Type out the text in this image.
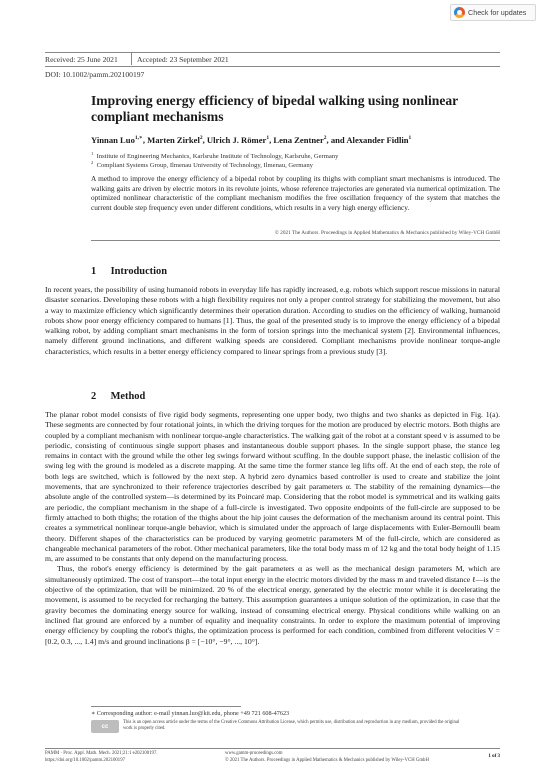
Check for updates
Received: 25 June 2021	Accepted: 23 September 2021
DOI: 10.1002/pamm.202100197
Improving energy efficiency of bipedal walking using nonlinear compliant mechanisms
Yinnan Luo$^{1,∗}$, Marten Zirkel$^2$, Ulrich J. Römer$^1$, Lena Zentner$^2$, and Alexander Fidlin$^1$
$^1$ Institute of Engineering Mechanics, Karlsruhe Institute of Technology, Karlsruhe, Germany
$^2$ Compliant Systems Group, Ilmenau University of Technology, Ilmenau, Germany
A method to improve the energy efficiency of a bipedal robot by coupling its thighs with compliant smart mechanisms is introduced. The walking gaits are driven by electric motors in its revolute joints, whose reference trajectories are generated via numerical optimization. The optimized nonlinear characteristic of the compliant mechanism modifies the free oscillation frequency of the system that matches the current double step frequency even under different conditions, which results in a very high energy efficiency.
© 2021 The Authors. Proceedings in Applied Mathematics & Mechanics published by Wiley-VCH GmbH
1 Introduction

In recent years, the possibility of using humanoid robots in everyday life has rapidly increased, e.g. robots which support rescue missions in natural disaster scenarios. Developing these robots with a high flexibility requires not only a proper control strategy for stabilizing the movement, but also a way to maximize efficiency which significantly determines their operation duration. According to studies on the efficiency of walking, humanoid robots show poor energy efficiency compared to humans [1]. Thus, the goal of the presented study is to improve the energy efficiency of a bipedal walking robot, by adding compliant smart mechanisms in the form of torsion springs into the mechanical system [2]. Environmental influences, namely different ground inclinations, and different walking speeds are considered. Compliant mechanisms provide nonlinear torque-angle characteristics, which results in a better energy efficiency compared to linear springs from a previous study [3].

2 Method

The planar robot model consists of five rigid body segments, representing one upper body, two thighs and two shanks as depicted in Fig. 1(a). These segments are connected by four rotational joints, in which the driving torques for the motion are produced by electric motors. Both thighs are coupled by a compliant mechanism with nonlinear torque-angle characteristics. The walking gait of the robot at a constant speed v is assumed to be periodic, consisting of continuous single support phases and instantaneous double support phases. In the single support phase, the stance leg remains in contact with the ground while the other leg swings forward without scuffing. In the double support phase, the inelastic collision of the swing leg with the ground is modeled as a discrete mapping. At the same time the former stance leg lifts off. At the end of each step, the role of both legs are switched, which is followed by the next step. A hybrid zero dynamics based controller is used to create and stabilize the joint movements, that are synchronized to their reference trajectories described by gait parameters α. The stability of the remaining dynamics—the absolute angle of the controlled system—is determined by its Poincaré map. Considering that the robot model is symmetrical and its walking gaits are periodic, the compliant mechanism in the shape of a full-circle is investigated. Two opposite endpoints of the full-circle are supposed to be firmly attached to both thighs; the rotation of the thighs about the hip joint causes the deformation of the mechanism around its central point. This creates a symmetrical nonlinear torque-angle behavior, which is simulated under the approach of large displacements with Euler-Bernoulli beam theory. Different shapes of the characteristics can be produced by varying geometric parameters M of the full-circle, which are considered as changeable mechanical parameters of the robot. Other mechanical parameters, like the total body mass m of 12 kg and the total body height of 1.15 m, are assumed to be constants that only depend on the manufacturing process.

Thus, the robot's energy efficiency is determined by the gait parameters α as well as the mechanical design parameters M, which are simultaneously optimized. The cost of transport—the total input energy in the electric motors divided by the mass m and traveled distance ℓ—is the objective of the optimization, that will be minimized. 20 % of the electrical energy, generated by the electric motor while it is decelerating the movement, is assumed to be recycled for recharging the battery. This assumption guarantees a unique solution of the optimization, in case that the gravity becomes the dominating energy source for walking, instead of consuming electrical energy. Physical conditions while walking on an inclined flat ground are enforced by a number of equality and inequality constraints. In order to explore the maximum potential of improving energy efficiency by coupling the robot's thighs, the optimization process is performed for each condition, combined from different velocities V = [0.2, 0.3, ..., 1.4] m/s and ground inclinations β = [−10°, −9°, ..., 10°].

∗ Corresponding author: e-mail yinnan.luo@kit.edu, phone +49 721 608-47623
cc
This is an open access article under the terms of the Creative Commons Attribution License, which permits use, distribution and reproduction in any medium, provided the original work is properly cited.
PAMM · Proc. Appl. Math. Mech. 2021;21:1 e202100197.
https://doi.org/10.1002/pamm.202100197
www.gamm-proceedings.com
© 2021 The Authors. Proceedings in Applied Mathematics & Mechanics published by Wiley-VCH GmbH
1 of 3
